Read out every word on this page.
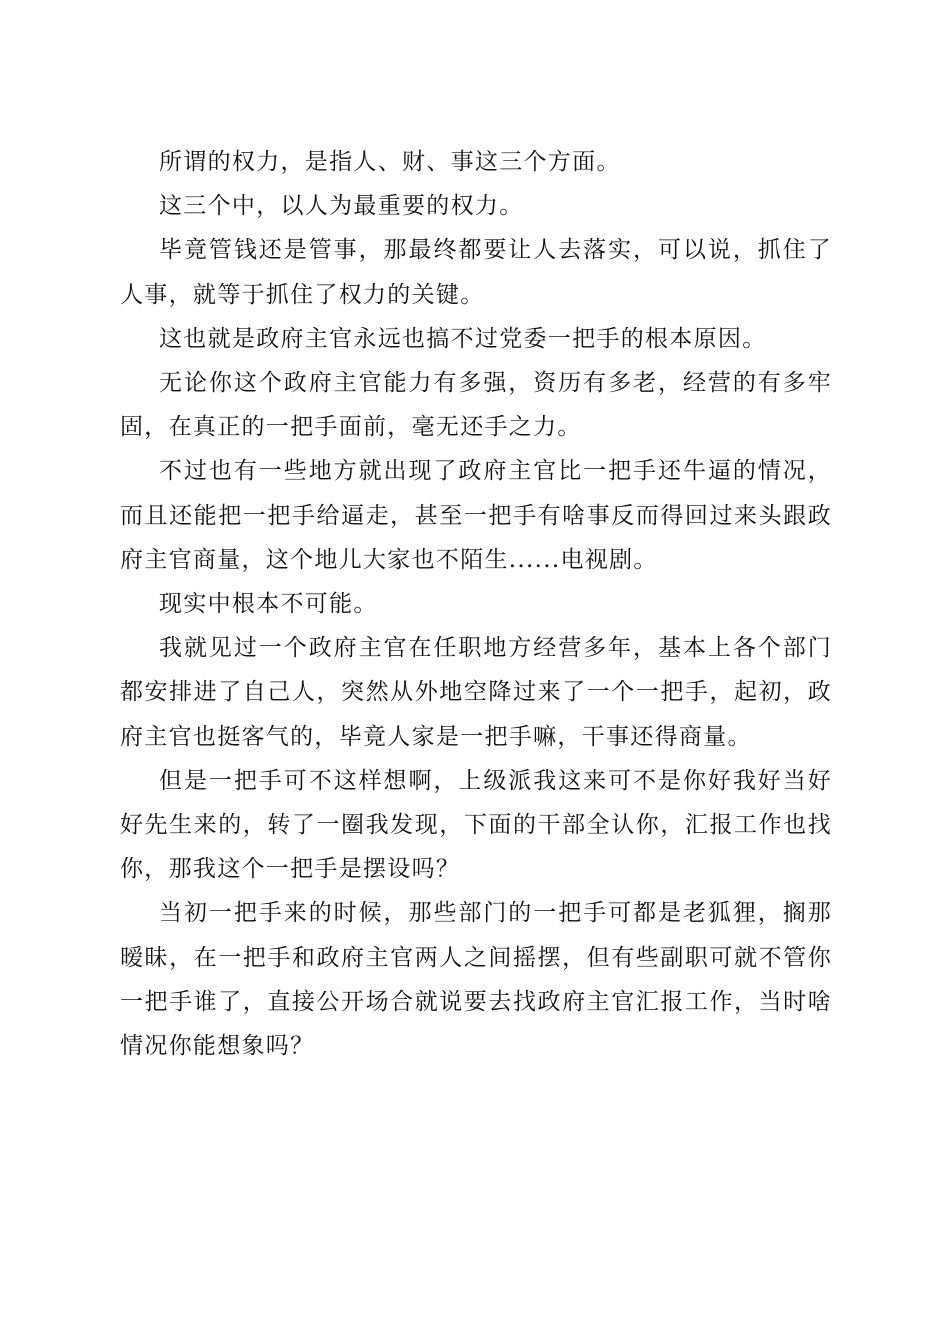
所谓的权力，是指人、财、事这三个方面。

这三个中，以人为最重要的权力。

毕竟管钱还是管事，那最终都要让人去落实，可以说，抓住了人事，就等于抓住了权力的关键。

这也就是政府主官永远也搞不过党委一把手的根本原因。

无论你这个政府主官能力有多强，资历有多老，经营的有多牢固，在真正的一把手面前，毫无还手之力。

不过也有一些地方就出现了政府主官比一把手还牛逼的情况，而且还能把一把手给逼走，甚至一把手有啥事反而得回过来头跟政府主官商量，这个地儿大家也不陌生......电视剧。

现实中根本不可能。

我就见过一个政府主官在任职地方经营多年，基本上各个部门都安排进了自己人，突然从外地空降过来了一个一把手，起初，政府主官也挺客气的，毕竟人家是一把手嘛，干事还得商量。

但是一把手可不这样想啊，上级派我这来可不是你好我好当好好先生来的，转了一圈我发现，下面的干部全认你，汇报工作也找你，那我这个一把手是摆设吗？

当初一把手来的时候，那些部门的一把手可都是老狐狸，搁那暧昧，在一把手和政府主官两人之间摇摆，但有些副职可就不管你一把手谁了，直接公开场合就说要去找政府主官汇报工作，当时啥情况你能想象吗？
